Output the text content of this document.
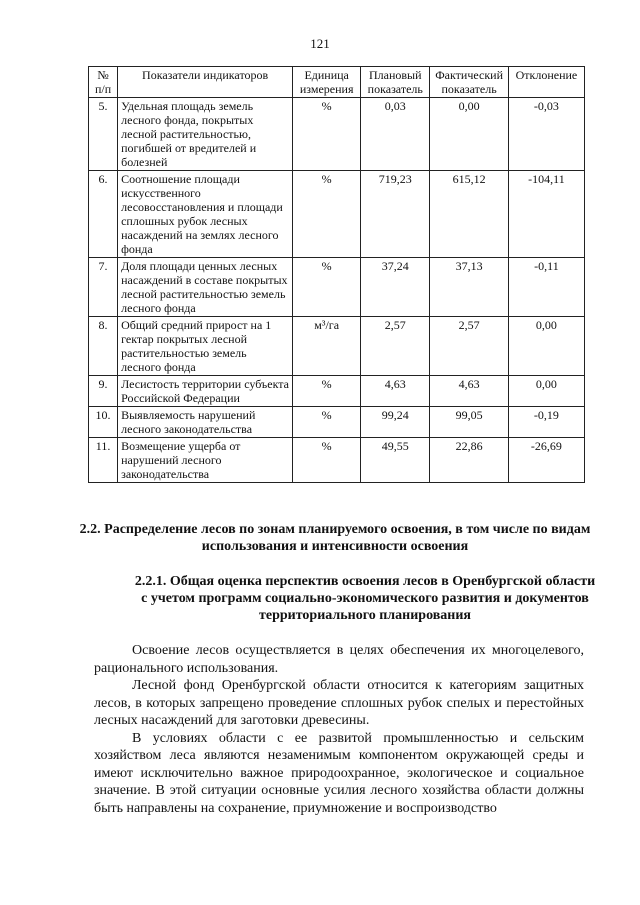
121
№ п/п	Показатели индикаторов	Единица измерения	Плановый показатель	Фактический показатель	Отклонение
5.	Удельная площадь земель лесного фонда, покрытых лесной растительностью, погибшей от вредителей и болезней	%	0,03	0,00	-0,03
6.	Соотношение площади искусственного лесовосстановления и площади сплошных рубок лесных насаждений на землях лесного фонда	%	719,23	615,12	-104,11
7.	Доля площади ценных лесных насаждений в составе покрытых лесной растительностью земель лесного фонда	%	37,24	37,13	-0,11
8.	Общий средний прирост на 1 гектар покрытых лесной растительностью земель лесного фонда	м³/га	2,57	2,57	0,00
9.	Лесистость территории субъекта Российской Федерации	%	4,63	4,63	0,00
10.	Выявляемость нарушений лесного законодательства	%	99,24	99,05	-0,19
11.	Возмещение ущерба от нарушений лесного законодательства	%	49,55	22,86	-26,69
2.2. Распределение лесов по зонам планируемого освоения, в том числе по видам использования и интенсивности освоения
2.2.1. Общая оценка перспектив освоения лесов в Оренбургской области с учетом программ социально-экономического развития и документов территориального планирования

Освоение лесов осуществляется в целях обеспечения их многоцелевого, рационального использования.

Лесной фонд Оренбургской области относится к категориям защитных лесов, в которых запрещено проведение сплошных рубок спелых и перестойных лесных насаждений для заготовки древесины.

В условиях области с ее развитой промышленностью и сельским хозяйством леса являются незаменимым компонентом окружающей среды и имеют исключительно важное природоохранное, экологическое и социальное значение. В этой ситуации основные усилия лесного хозяйства области должны быть направлены на сохранение, приумножение и воспроизводство
